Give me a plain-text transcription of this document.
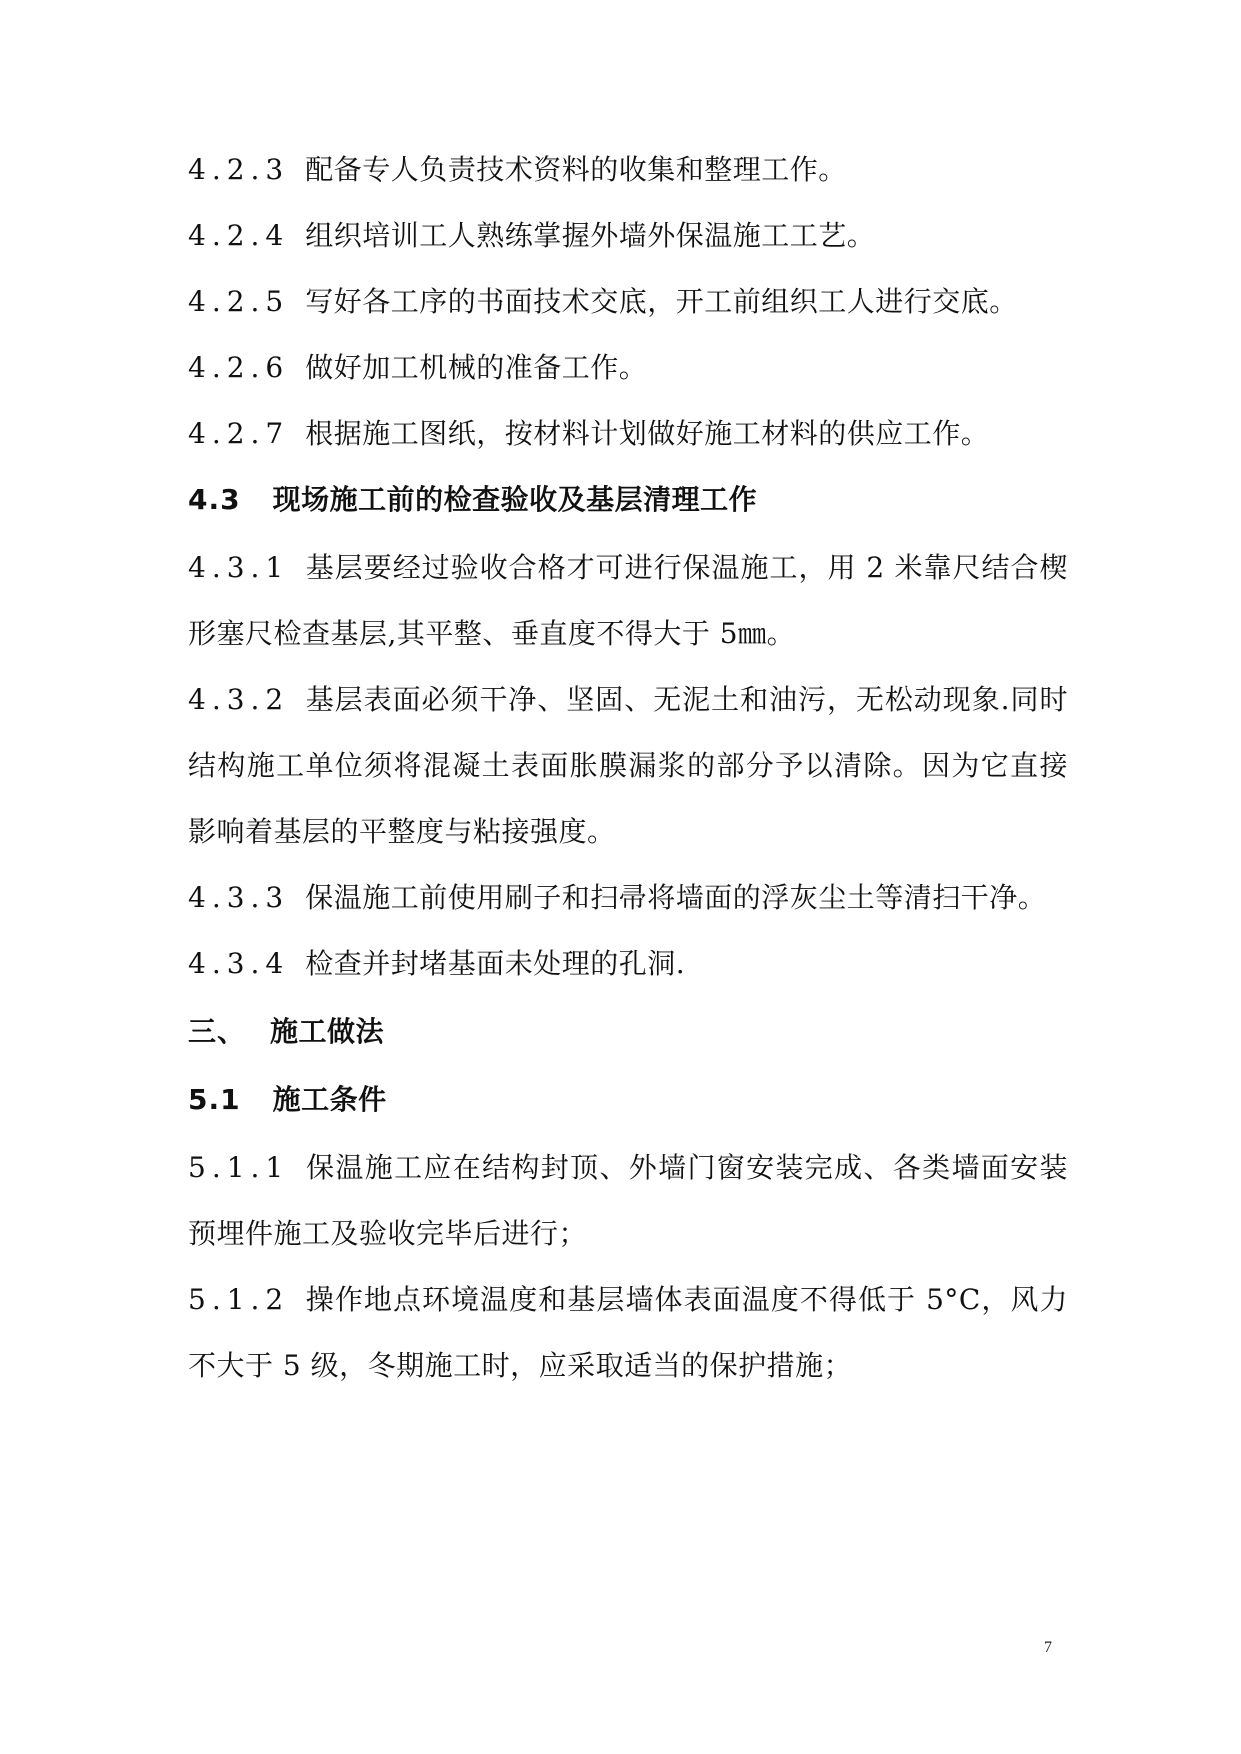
4.2.3 配备专人负责技术资料的收集和整理工作。
4.2.4 组织培训工人熟练掌握外墙外保温施工工艺。
4.2.5 写好各工序的书面技术交底，开工前组织工人进行交底。
4.2.6 做好加工机械的准备工作。
4.2.7 根据施工图纸，按材料计划做好施工材料的供应工作。
4.3 现场施工前的检查验收及基层清理工作
4.3.1 基层要经过验收合格才可进行保温施工，用 2 米靠尺结合楔
形塞尺检查基层,其平整、垂直度不得大于 5㎜。
4.3.2 基层表面必须干净、坚固、无泥土和油污，无松动现象.同时
结构施工单位须将混凝土表面胀膜漏浆的部分予以清除。因为它直接
影响着基层的平整度与粘接强度。
4.3.3 保温施工前使用刷子和扫帚将墙面的浮灰尘土等清扫干净。
4.3.4 检查并封堵基面未处理的孔洞.
三、 施工做法
5.1 施工条件
5.1.1 保温施工应在结构封顶、外墙门窗安装完成、各类墙面安装
预埋件施工及验收完毕后进行；
5.1.2 操作地点环境温度和基层墙体表面温度不得低于 5°C，风力
不大于 5 级，冬期施工时，应采取适当的保护措施；
7
